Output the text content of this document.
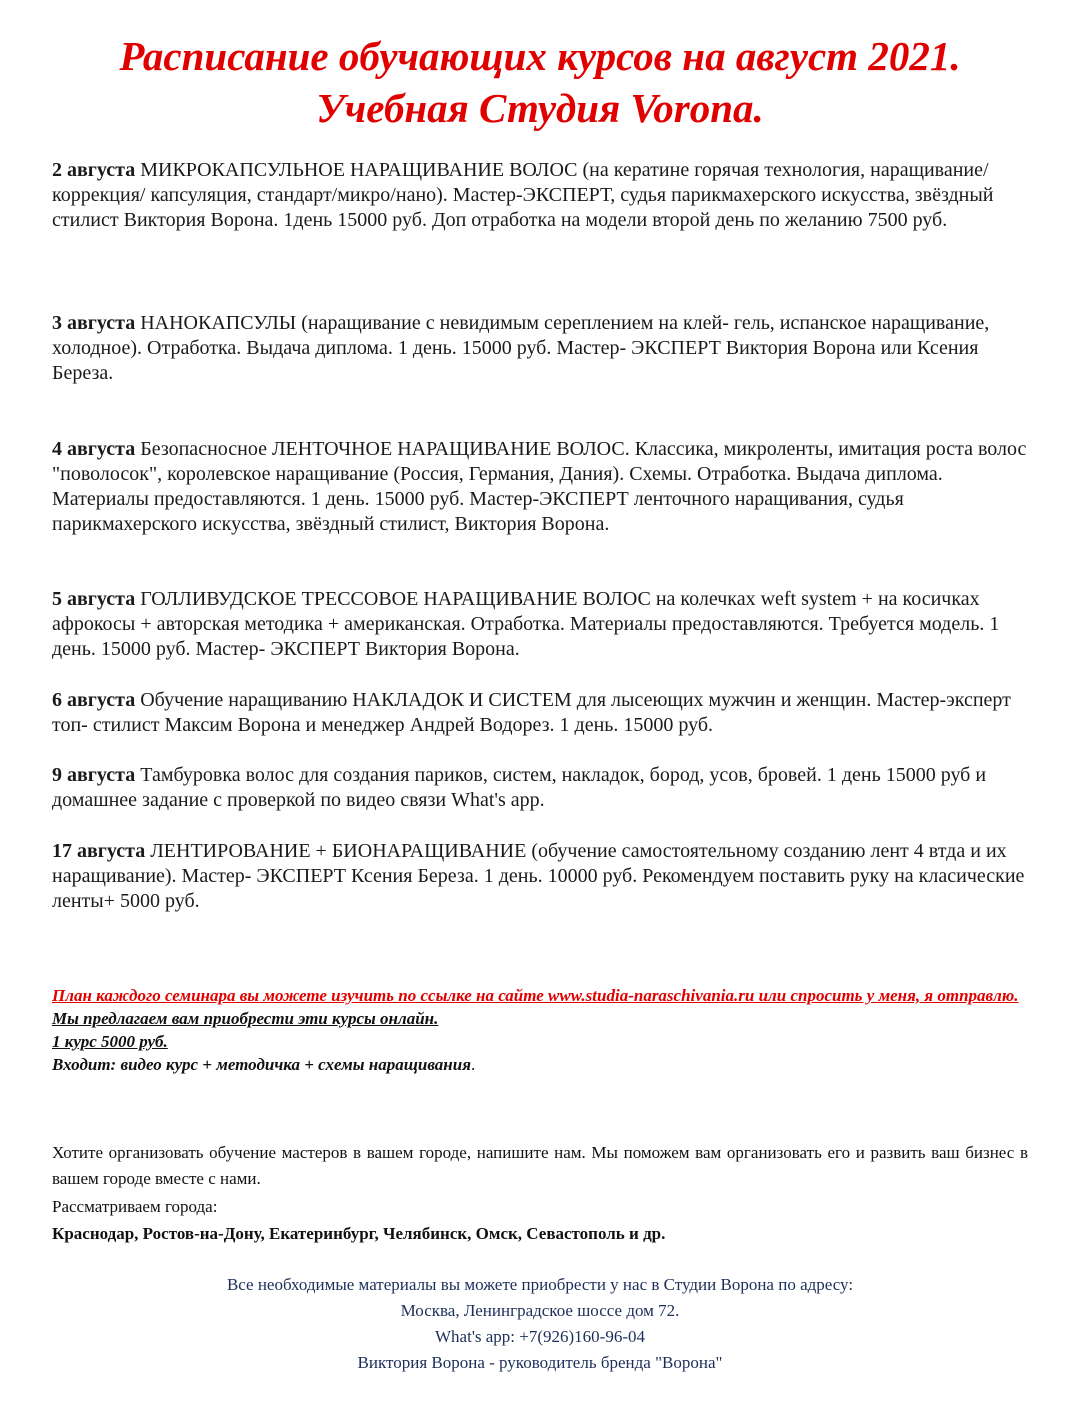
Расписание обучающих курсов на август 2021.
Учебная Студия Vorona.
2 августа МИКРОКАПСУЛЬНОЕ НАРАЩИВАНИЕ ВОЛОС (на кератине горячая технология, наращивание/ коррекция/ капсуляция, стандарт/микро/нано). Мастер-ЭКСПЕРТ, судья парикмахерского искусства, звёздный стилист Виктория Ворона. 1день 15000 руб. Доп отработка на модели второй день по желанию 7500 руб.
3 августа НАНОКАПСУЛЫ (наращивание с невидимым сереплением на клей- гель, испанское наращивание, холодное). Отработка. Выдача диплома. 1 день. 15000 руб. Мастер- ЭКСПЕРТ Виктория Ворона или Ксения Береза.
4 августа Безопасносное ЛЕНТОЧНОЕ НАРАЩИВАНИЕ ВОЛОС. Классика, микроленты, имитация роста волос "поволосок", королевское наращивание (Россия, Германия, Дания). Схемы. Отработка. Выдача диплома. Материалы предоставляются. 1 день. 15000 руб. Мастер-ЭКСПЕРТ ленточного наращивания, судья парикмахерского искусства, звёздный стилист, Виктория Ворона.
5 августа ГОЛЛИВУДСКОЕ ТРЕССОВОЕ НАРАЩИВАНИЕ ВОЛОС на колечках weft system + на косичках афрокосы + авторская методика + американская. Отработка. Материалы предоставляются. Требуется модель. 1 день. 15000 руб. Мастер- ЭКСПЕРТ Виктория Ворона.
6 августа Обучение наращиванию НАКЛАДОК И СИСТЕМ для лысеющих мужчин и женщин. Мастер-эксперт топ- стилист Максим Ворона и менеджер Андрей Водорез. 1 день. 15000 руб.
9 августа Тамбуровка волос для создания париков, систем, накладок, бород, усов, бровей. 1 день 15000 руб и домашнее задание с проверкой по видео связи What's app.
17 августа ЛЕНТИРОВАНИЕ + БИОНАРАЩИВАНИЕ (обучение самостоятельному созданию лент 4 втда и их наращивание). Мастер- ЭКСПЕРТ Ксения Береза. 1 день. 10000 руб. Рекомендуем поставить руку на класические ленты+ 5000 руб.
План каждого семинара вы можете изучить по ссылке на сайте www.studia-naraschivania.ru или спросить у меня, я отправлю.
Мы предлагаем вам приобрести эти курсы онлайн.
1 курс 5000 руб.
Входит: видео курс + методичка + схемы наращивания.
Хотите организовать обучение мастеров в вашем городе, напишите нам. Мы поможем вам организовать его и развить ваш бизнес в вашем городе вместе с нами.
Рассматриваем города:
Краснодар, Ростов-на-Дону, Екатеринбург, Челябинск, Омск, Севастополь и др.
Все необходимые материалы вы можете приобрести у нас в Студии Ворона по адресу:
Москва, Ленинградское шоссе дом 72.
What's app: +7(926)160-96-04
Виктория Ворона - руководитель бренда "Ворона"
